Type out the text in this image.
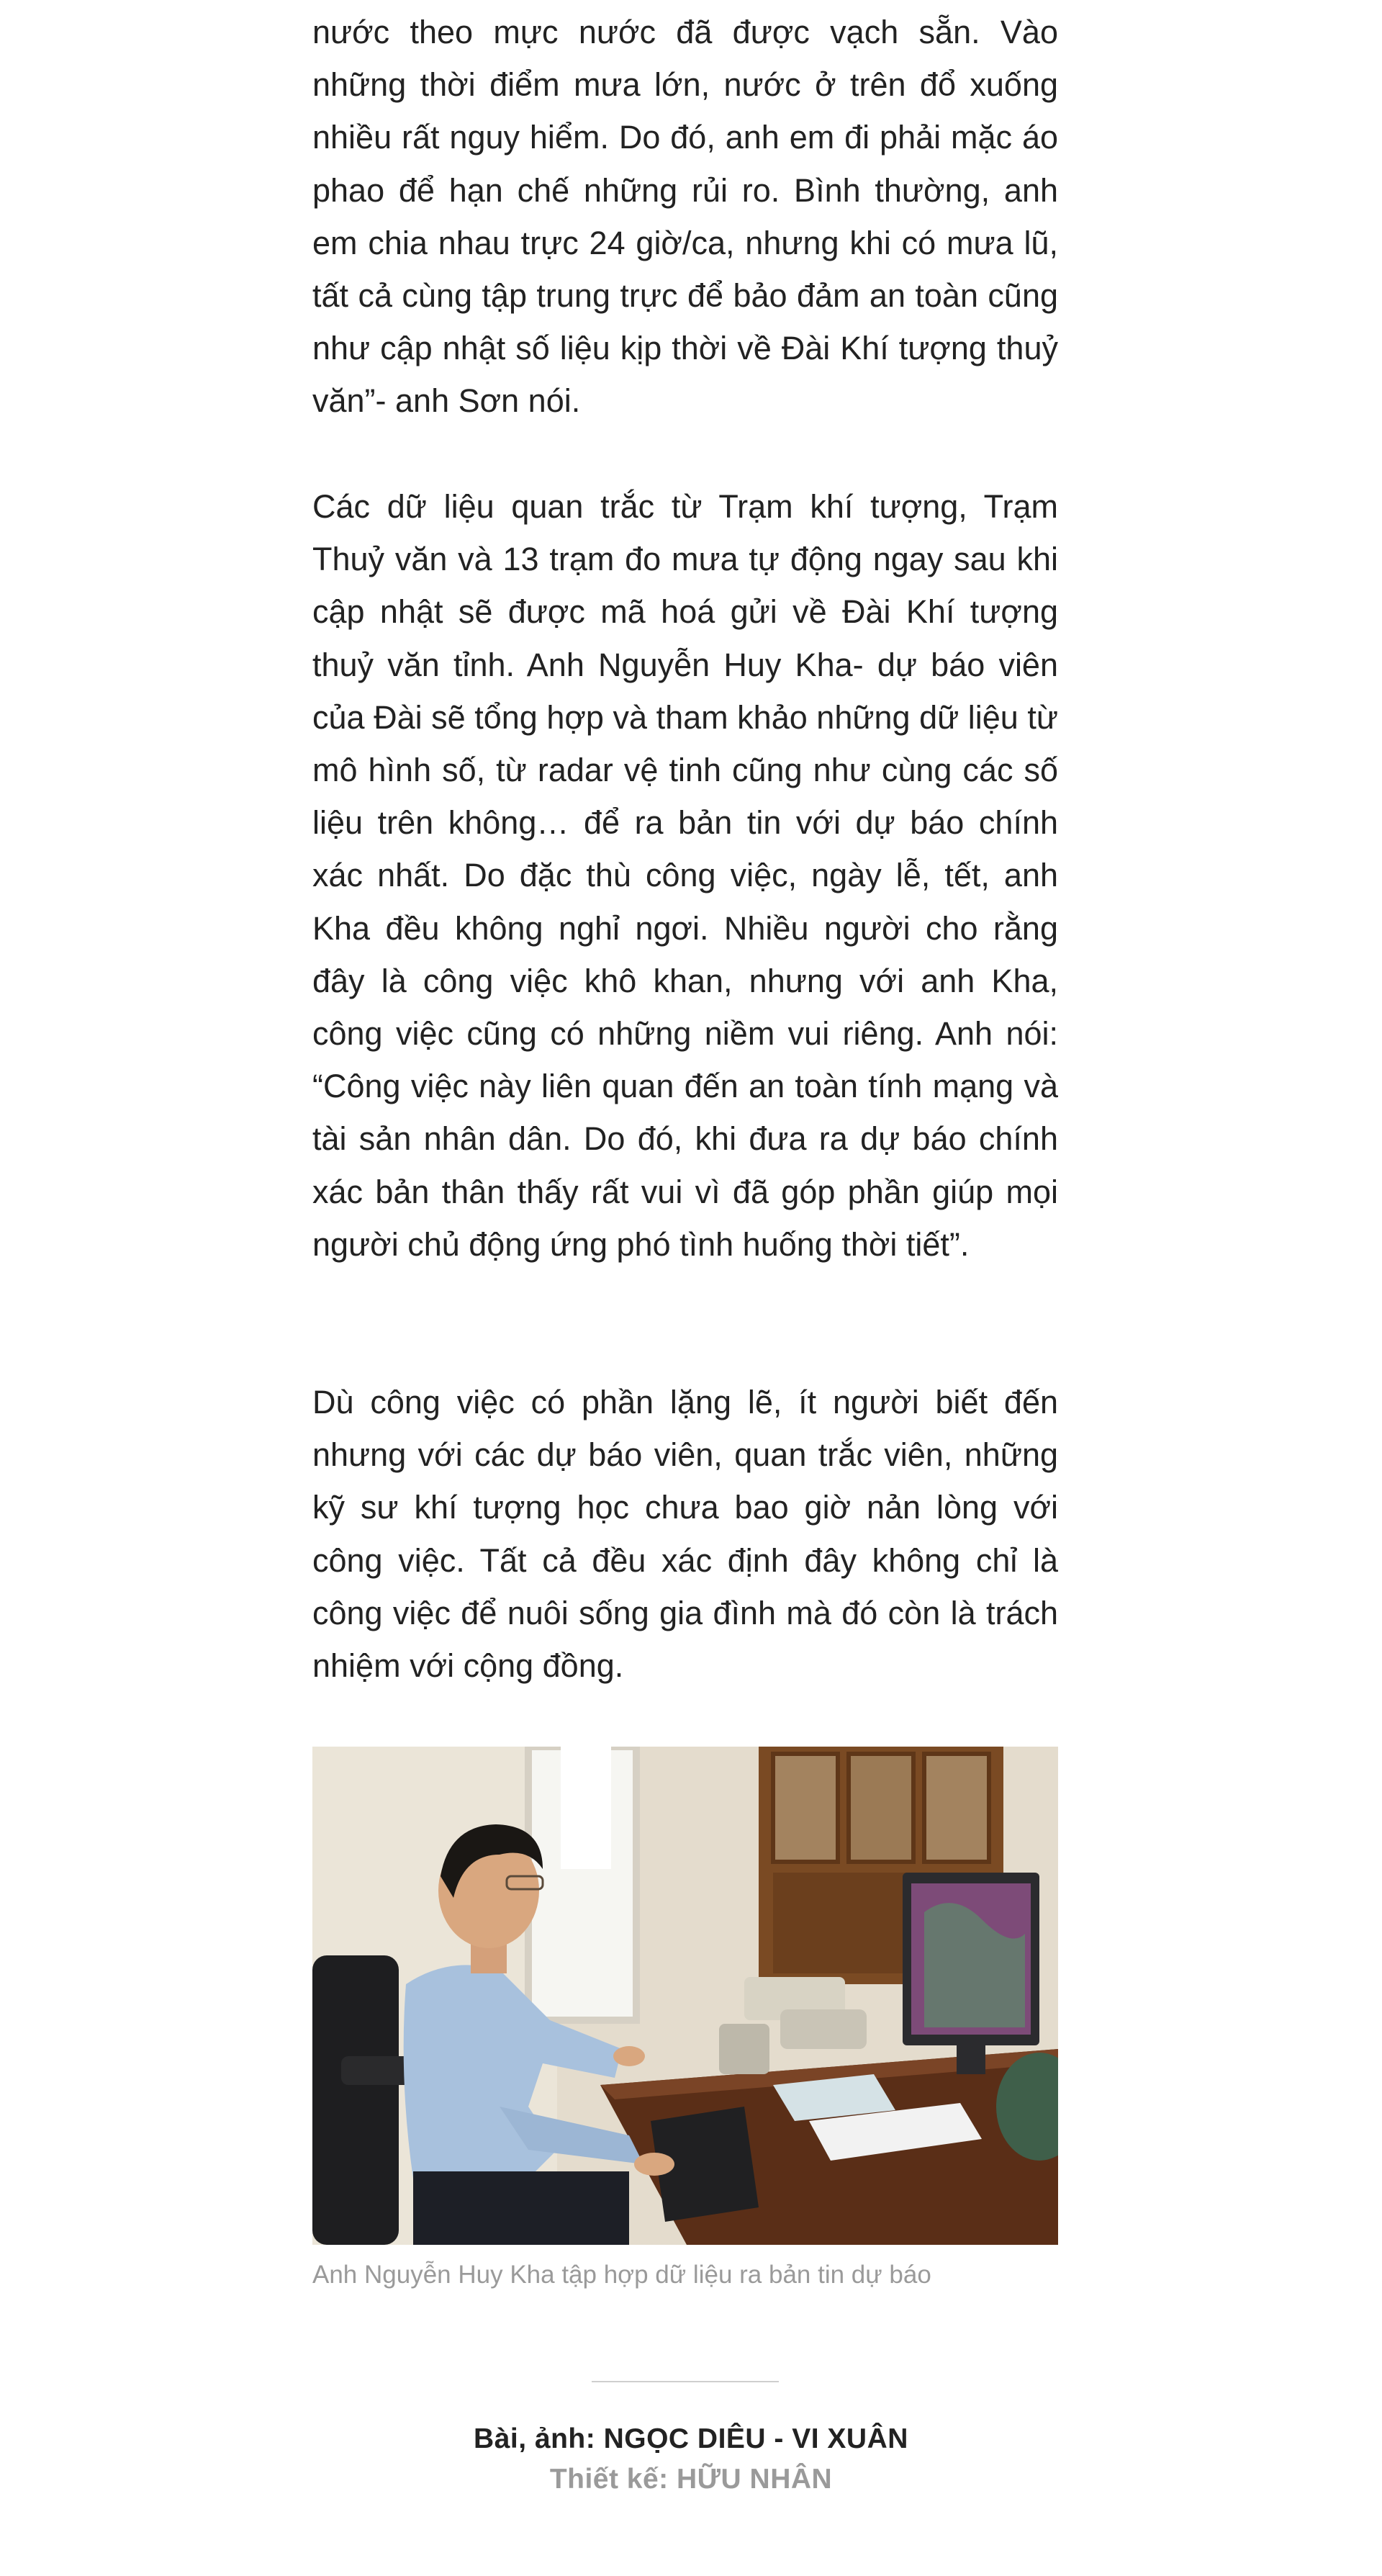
nước theo mực nước đã được vạch sẵn. Vào những thời điểm mưa lớn, nước ở trên đổ xuống nhiều rất nguy hiểm. Do đó, anh em đi phải mặc áo phao để hạn chế những rủi ro. Bình thường, anh em chia nhau trực 24 giờ/ca, nhưng khi có mưa lũ, tất cả cùng tập trung trực để bảo đảm an toàn cũng như cập nhật số liệu kịp thời về Đài Khí tượng thuỷ văn”- anh Sơn nói.

Các dữ liệu quan trắc từ Trạm khí tượng, Trạm Thuỷ văn và 13 trạm đo mưa tự động ngay sau khi cập nhật sẽ được mã hoá gửi về Đài Khí tượng thuỷ văn tỉnh. Anh Nguyễn Huy Kha- dự báo viên của Đài sẽ tổng hợp và tham khảo những dữ liệu từ mô hình số, từ radar vệ tinh cũng như cùng các số liệu trên không… để ra bản tin với dự báo chính xác nhất. Do đặc thù công việc, ngày lễ, tết, anh Kha đều không nghỉ ngơi. Nhiều người cho rằng đây là công việc khô khan, nhưng với anh Kha, công việc cũng có những niềm vui riêng. Anh nói: “Công việc này liên quan đến an toàn tính mạng và tài sản nhân dân. Do đó, khi đưa ra dự báo chính xác bản thân thấy rất vui vì đã góp phần giúp mọi người chủ động ứng phó tình huống thời tiết”.

Dù công việc có phần lặng lẽ, ít người biết đến nhưng với các dự báo viên, quan trắc viên, những kỹ sư khí tượng học chưa bao giờ nản lòng với công việc. Tất cả đều xác định đây không chỉ là công việc để nuôi sống gia đình mà đó còn là trách nhiệm với cộng đồng.

Anh Nguyễn Huy Kha tập hợp dữ liệu ra bản tin dự báo
Bài, ảnh: NGỌC DIÊU - VI XUÂN
Thiết kế: HỮU NHÂN
